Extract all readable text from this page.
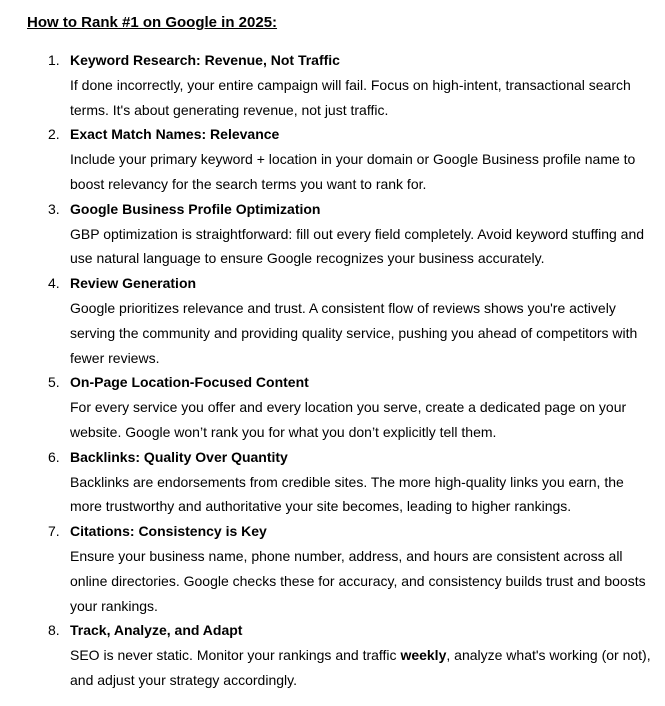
How to Rank #1 on Google in 2025:
1. Keyword Research: Revenue, Not Traffic
If done incorrectly, your entire campaign will fail. Focus on high-intent, transactional search terms. It's about generating revenue, not just traffic.
2. Exact Match Names: Relevance
Include your primary keyword + location in your domain or Google Business profile name to boost relevancy for the search terms you want to rank for.
3. Google Business Profile Optimization
GBP optimization is straightforward: fill out every field completely. Avoid keyword stuffing and use natural language to ensure Google recognizes your business accurately.
4. Review Generation
Google prioritizes relevance and trust. A consistent flow of reviews shows you're actively serving the community and providing quality service, pushing you ahead of competitors with fewer reviews.
5. On-Page Location-Focused Content
For every service you offer and every location you serve, create a dedicated page on your website. Google won’t rank you for what you don’t explicitly tell them.
6. Backlinks: Quality Over Quantity
Backlinks are endorsements from credible sites. The more high-quality links you earn, the more trustworthy and authoritative your site becomes, leading to higher rankings.
7. Citations: Consistency is Key
Ensure your business name, phone number, address, and hours are consistent across all online directories. Google checks these for accuracy, and consistency builds trust and boosts your rankings.
8. Track, Analyze, and Adapt
SEO is never static. Monitor your rankings and traffic weekly, analyze what's working (or not), and adjust your strategy accordingly.
